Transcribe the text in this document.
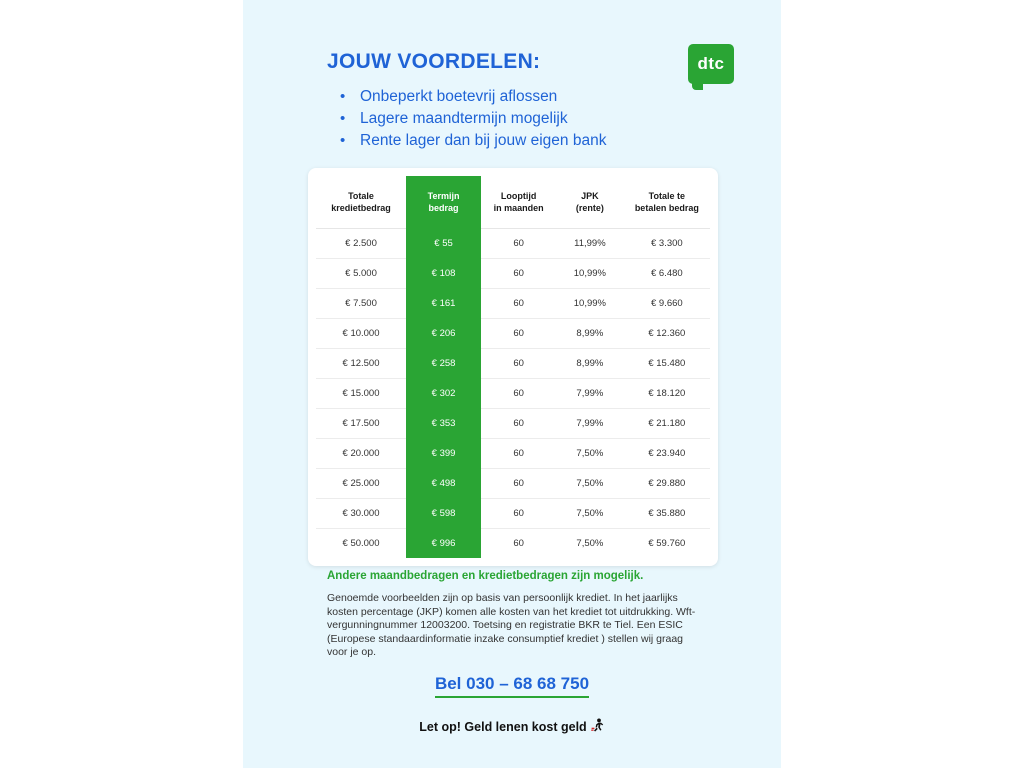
JOUW VOORDELEN:
• Onbeperkt boetevrij aflossen
• Lagere maandtermijn mogelijk
• Rente lager dan bij jouw eigen bank
dtc
Totale
kredietbedrag

Termijn
bedrag

Looptijd
in maanden

JPK
(rente)

Totale te
betalen bedrag

€ 2.500	€ 55	60	11,99%	€ 3.300
€ 5.000	€ 108	60	10,99%	€ 6.480
€ 7.500	€ 161	60	10,99%	€ 9.660
€ 10.000	€ 206	60	8,99%	€ 12.360
€ 12.500	€ 258	60	8,99%	€ 15.480
€ 15.000	€ 302	60	7,99%	€ 18.120
€ 17.500	€ 353	60	7,99%	€ 21.180
€ 20.000	€ 399	60	7,50%	€ 23.940
€ 25.000	€ 498	60	7,50%	€ 29.880
€ 30.000	€ 598	60	7,50%	€ 35.880
€ 50.000	€ 996	60	7,50%	€ 59.760
Andere maandbedragen en kredietbedragen zijn mogelijk.
Genoemde voorbeelden zijn op basis van persoonlijk krediet. In het jaarlijks kosten percentage (JKP) komen alle kosten van het krediet tot uitdrukking. Wft-vergunningnummer 12003200. Toetsing en registratie BKR te Tiel. Een ESIC (Europese standaardinformatie inzake consumptief krediet ) stellen wij graag voor je op.
Bel 030 – 68 68 750
Let op! Geld lenen kost geld
